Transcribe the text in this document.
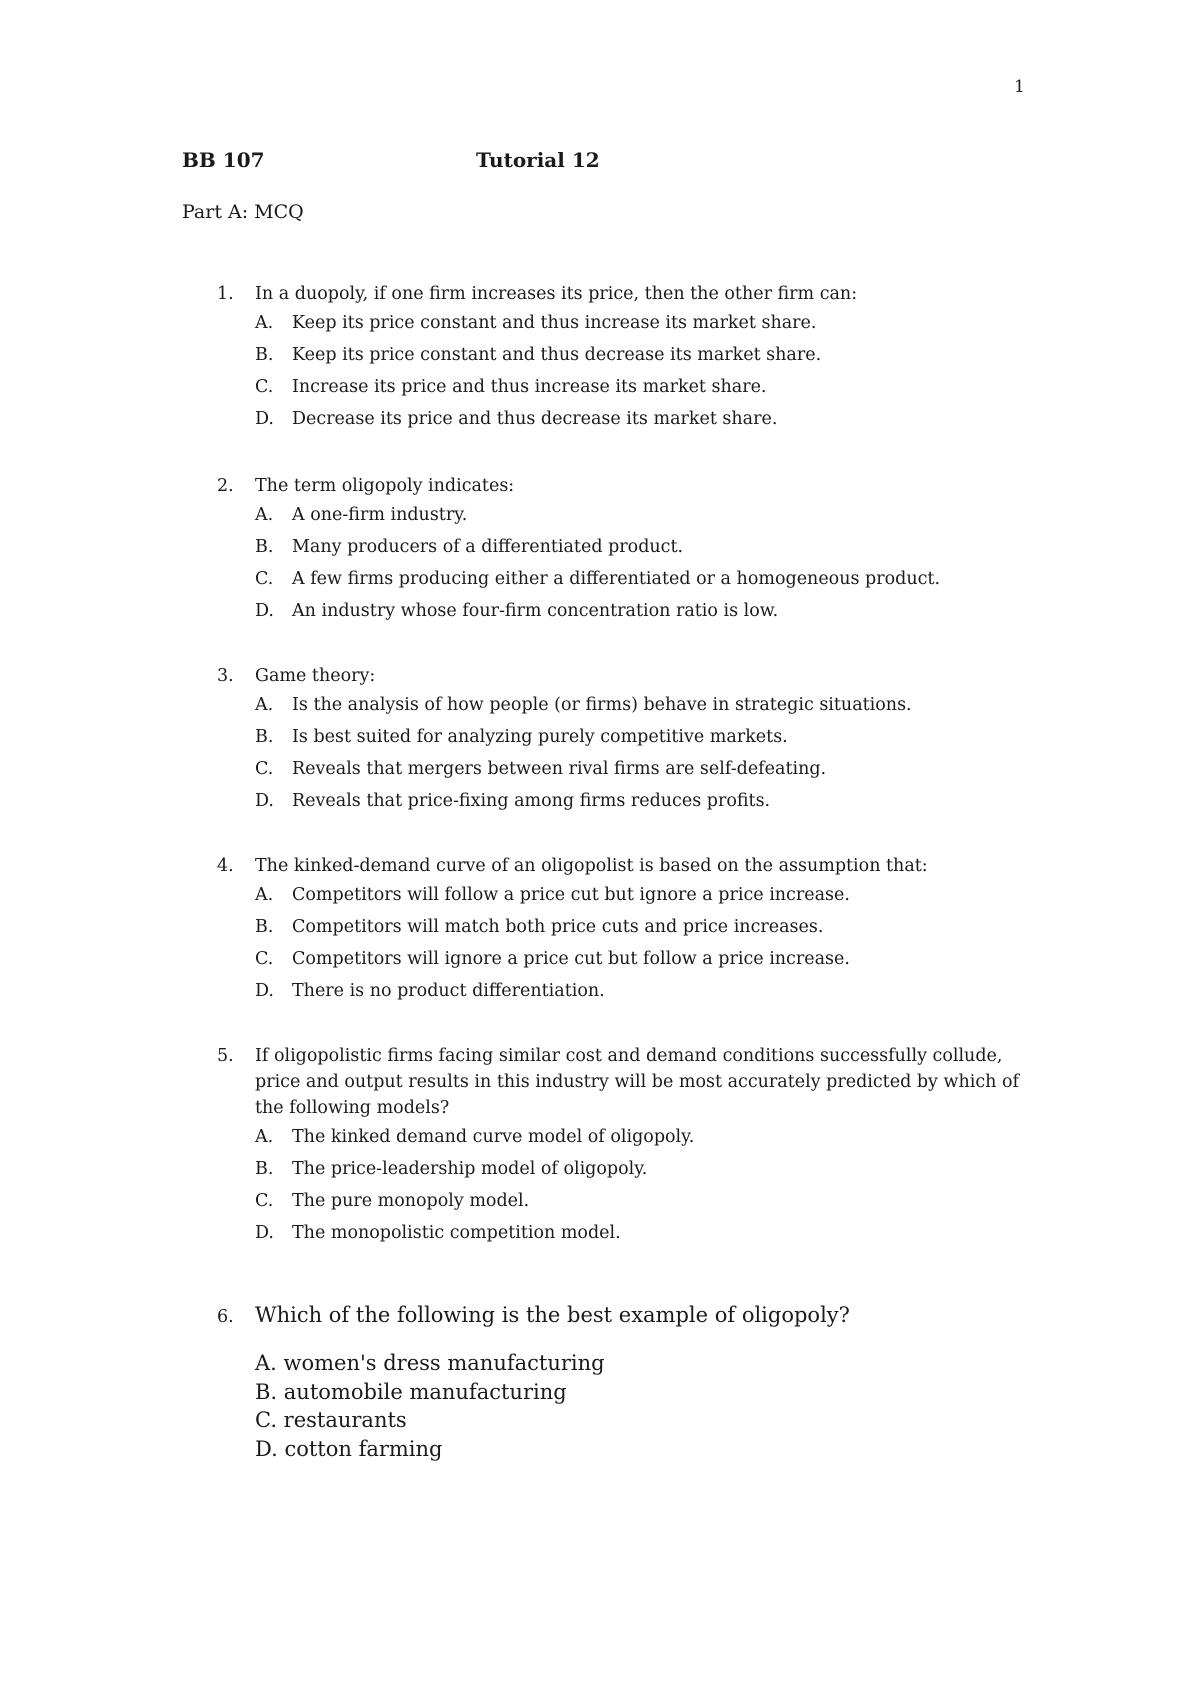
1
BB 107	Tutorial 12
Part A: MCQ
1. In a duopoly, if one firm increases its price, then the other firm can:
A. Keep its price constant and thus increase its market share.
B. Keep its price constant and thus decrease its market share.
C. Increase its price and thus increase its market share.
D. Decrease its price and thus decrease its market share.
2. The term oligopoly indicates:
A. A one-firm industry.
B. Many producers of a differentiated product.
C. A few firms producing either a differentiated or a homogeneous product.
D. An industry whose four-firm concentration ratio is low.
3. Game theory:
A. Is the analysis of how people (or firms) behave in strategic situations.
B. Is best suited for analyzing purely competitive markets.
C. Reveals that mergers between rival firms are self-defeating.
D. Reveals that price-fixing among firms reduces profits.
4. The kinked-demand curve of an oligopolist is based on the assumption that:
A. Competitors will follow a price cut but ignore a price increase.
B. Competitors will match both price cuts and price increases.
C. Competitors will ignore a price cut but follow a price increase.
D. There is no product differentiation.
5. If oligopolistic firms facing similar cost and demand conditions successfully collude, price and output results in this industry will be most accurately predicted by which of the following models?
A. The kinked demand curve model of oligopoly.
B. The price-leadership model of oligopoly.
C. The pure monopoly model.
D. The monopolistic competition model.
6. Which of the following is the best example of oligopoly?
A. women's dress manufacturing
B. automobile manufacturing
C. restaurants
D. cotton farming
